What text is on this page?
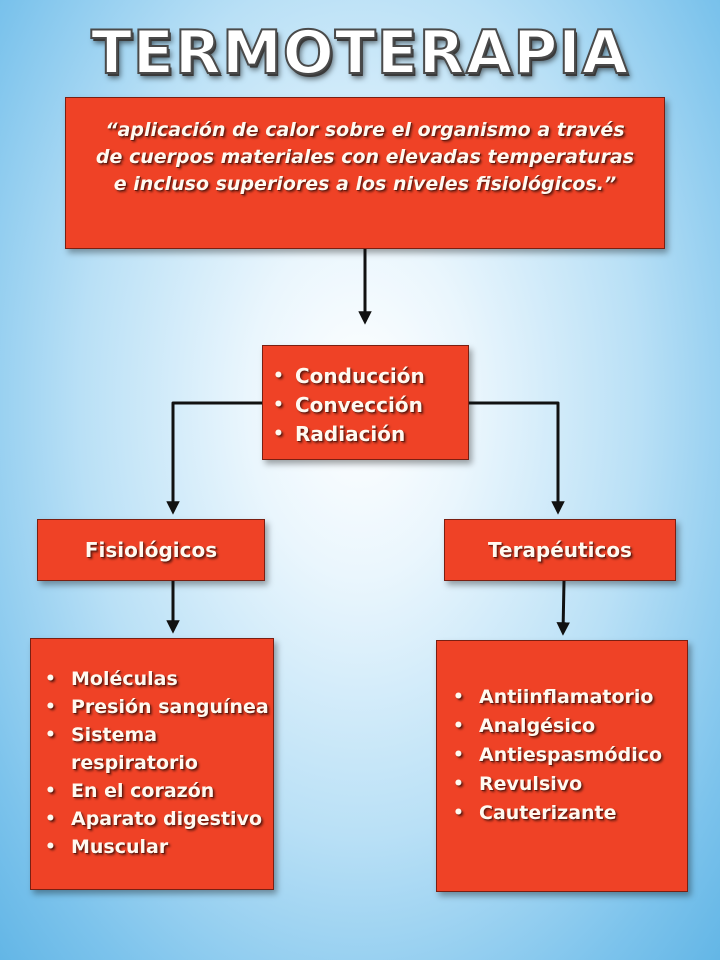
TERMOTERAPIA
“aplicación de calor sobre el organismo a través de cuerpos materiales con elevadas temperaturas e incluso superiores a los niveles fisiológicos.”
• Conducción
• Convección
• Radiación
Fisiológicos	Terapéuticos
• Moléculas
• Presión sanguínea
• Sistema respiratorio
• En el corazón
• Aparato digestivo
• Muscular
• Antiinflamatorio
• Analgésico
• Antiespasmódico
• Revulsivo
• Cauterizante
